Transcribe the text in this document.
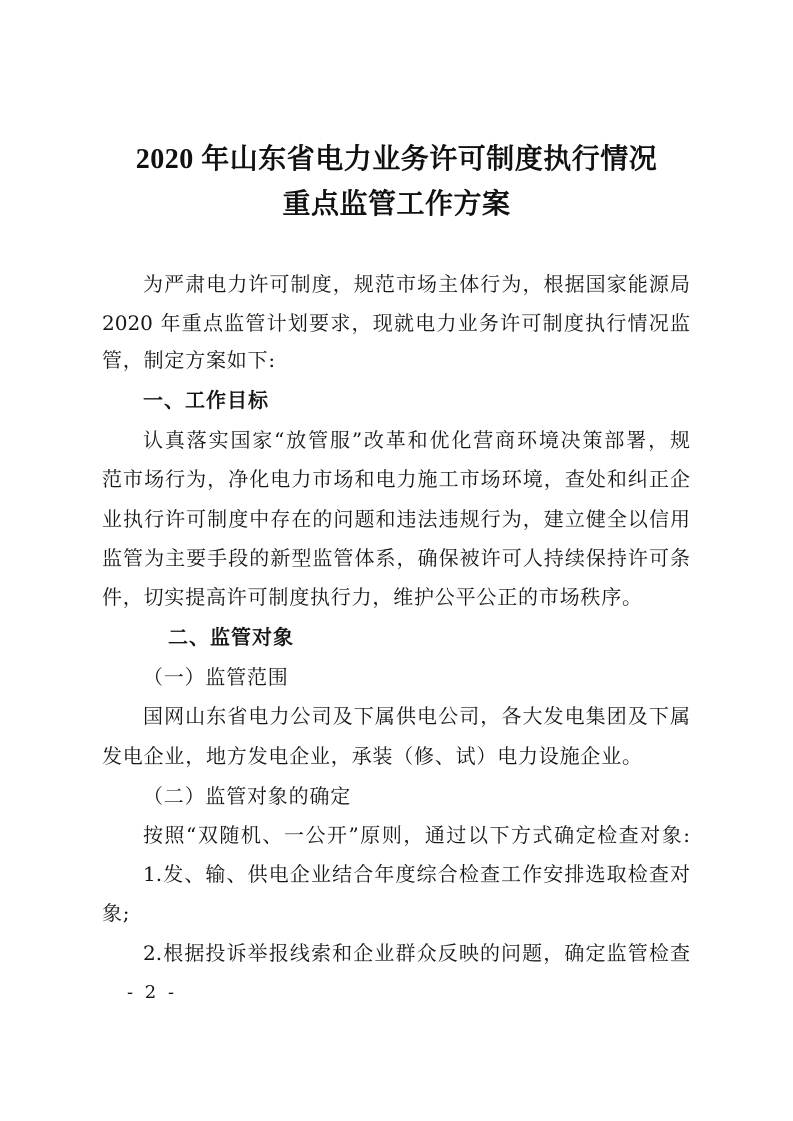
2020 年山东省电力业务许可制度执行情况
重点监管工作方案
为严肃电力许可制度，规范市场主体行为，根据国家能源局
2020 年重点监管计划要求，现就电力业务许可制度执行情况监
管，制定方案如下:
一、工作目标
认真落实国家“放管服”改革和优化营商环境决策部署，规
范市场行为，净化电力市场和电力施工市场环境，查处和纠正企
业执行许可制度中存在的问题和违法违规行为，建立健全以信用
监管为主要手段的新型监管体系，确保被许可人持续保持许可条
件，切实提高许可制度执行力，维护公平公正的市场秩序。
二、监管对象
（一）监管范围
国网山东省电力公司及下属供电公司，各大发电集团及下属
发电企业，地方发电企业，承装（修、试）电力设施企业。
（二）监管对象的确定
按照“双随机、一公开”原则，通过以下方式确定检查对象:
1.发、输、供电企业结合年度综合检查工作安排选取检查对
象;
2.根据投诉举报线索和企业群众反映的问题，确定监管检查
- 2 -
